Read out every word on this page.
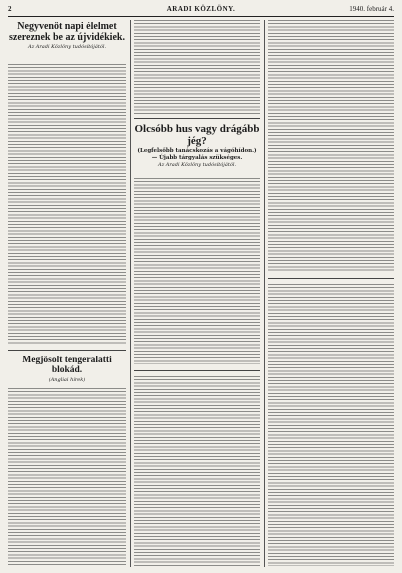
2	ARADI KÖZLÖNY.	1940. február 4.
Negyvenöt napi élelmet szereznek be az újvidékiek.
Az Aradi Közlöny tudósítójától.
Megjösolt tengeralatti blokád.
(Angliai hírek)
Olcsóbb hus vagy drágább jég?
(Legfelsőbb tanácskozás a vágóhídon.) — Újabb tárgyalás szükséges.
Az Aradi Közlöny tudósítójától.
